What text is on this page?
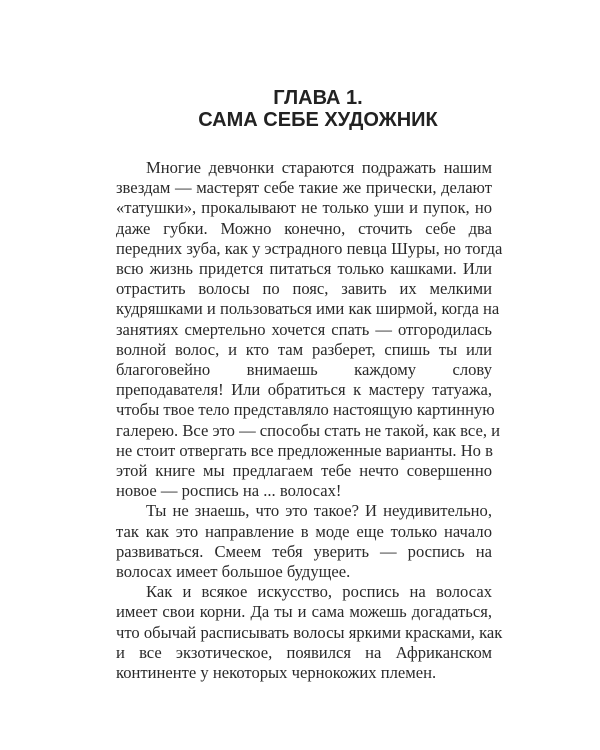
ГЛАВА 1.
САМА СЕБЕ ХУДОЖНИК
Многие девчонки стараются подражать нашим
звездам — мастерят себе такие же прически, делают
«татушки», прокалывают не только уши и пупок, но
даже губки. Можно конечно, сточить себе два
передних зуба, как у эстрадного певца Шуры, но тогда
всю жизнь придется питаться только кашками. Или
отрастить волосы по пояс, завить их мелкими
кудряшками и пользоваться ими как ширмой, когда на
занятиях смертельно хочется спать — отгородилась
волной волос, и кто там разберет, спишь ты или
благоговейно внимаешь каждому слову
преподавателя! Или обратиться к мастеру татуажа,
чтобы твое тело представляло настоящую картинную
галерею. Все это — способы стать не такой, как все, и
не стоит отвергать все предложенные варианты. Но в
этой книге мы предлагаем тебе нечто совершенно
новое — роспись на ... волосах!
Ты не знаешь, что это такое? И неудивительно,
так как это направление в моде еще только начало
развиваться. Смеем тебя уверить — роспись на
волосах имеет большое будущее.
Как и всякое искусство, роспись на волосах
имеет свои корни. Да ты и сама можешь догадаться,
что обычай расписывать волосы яркими красками, как
и все экзотическое, появился на Африканском
континенте у некоторых чернокожих племен.
